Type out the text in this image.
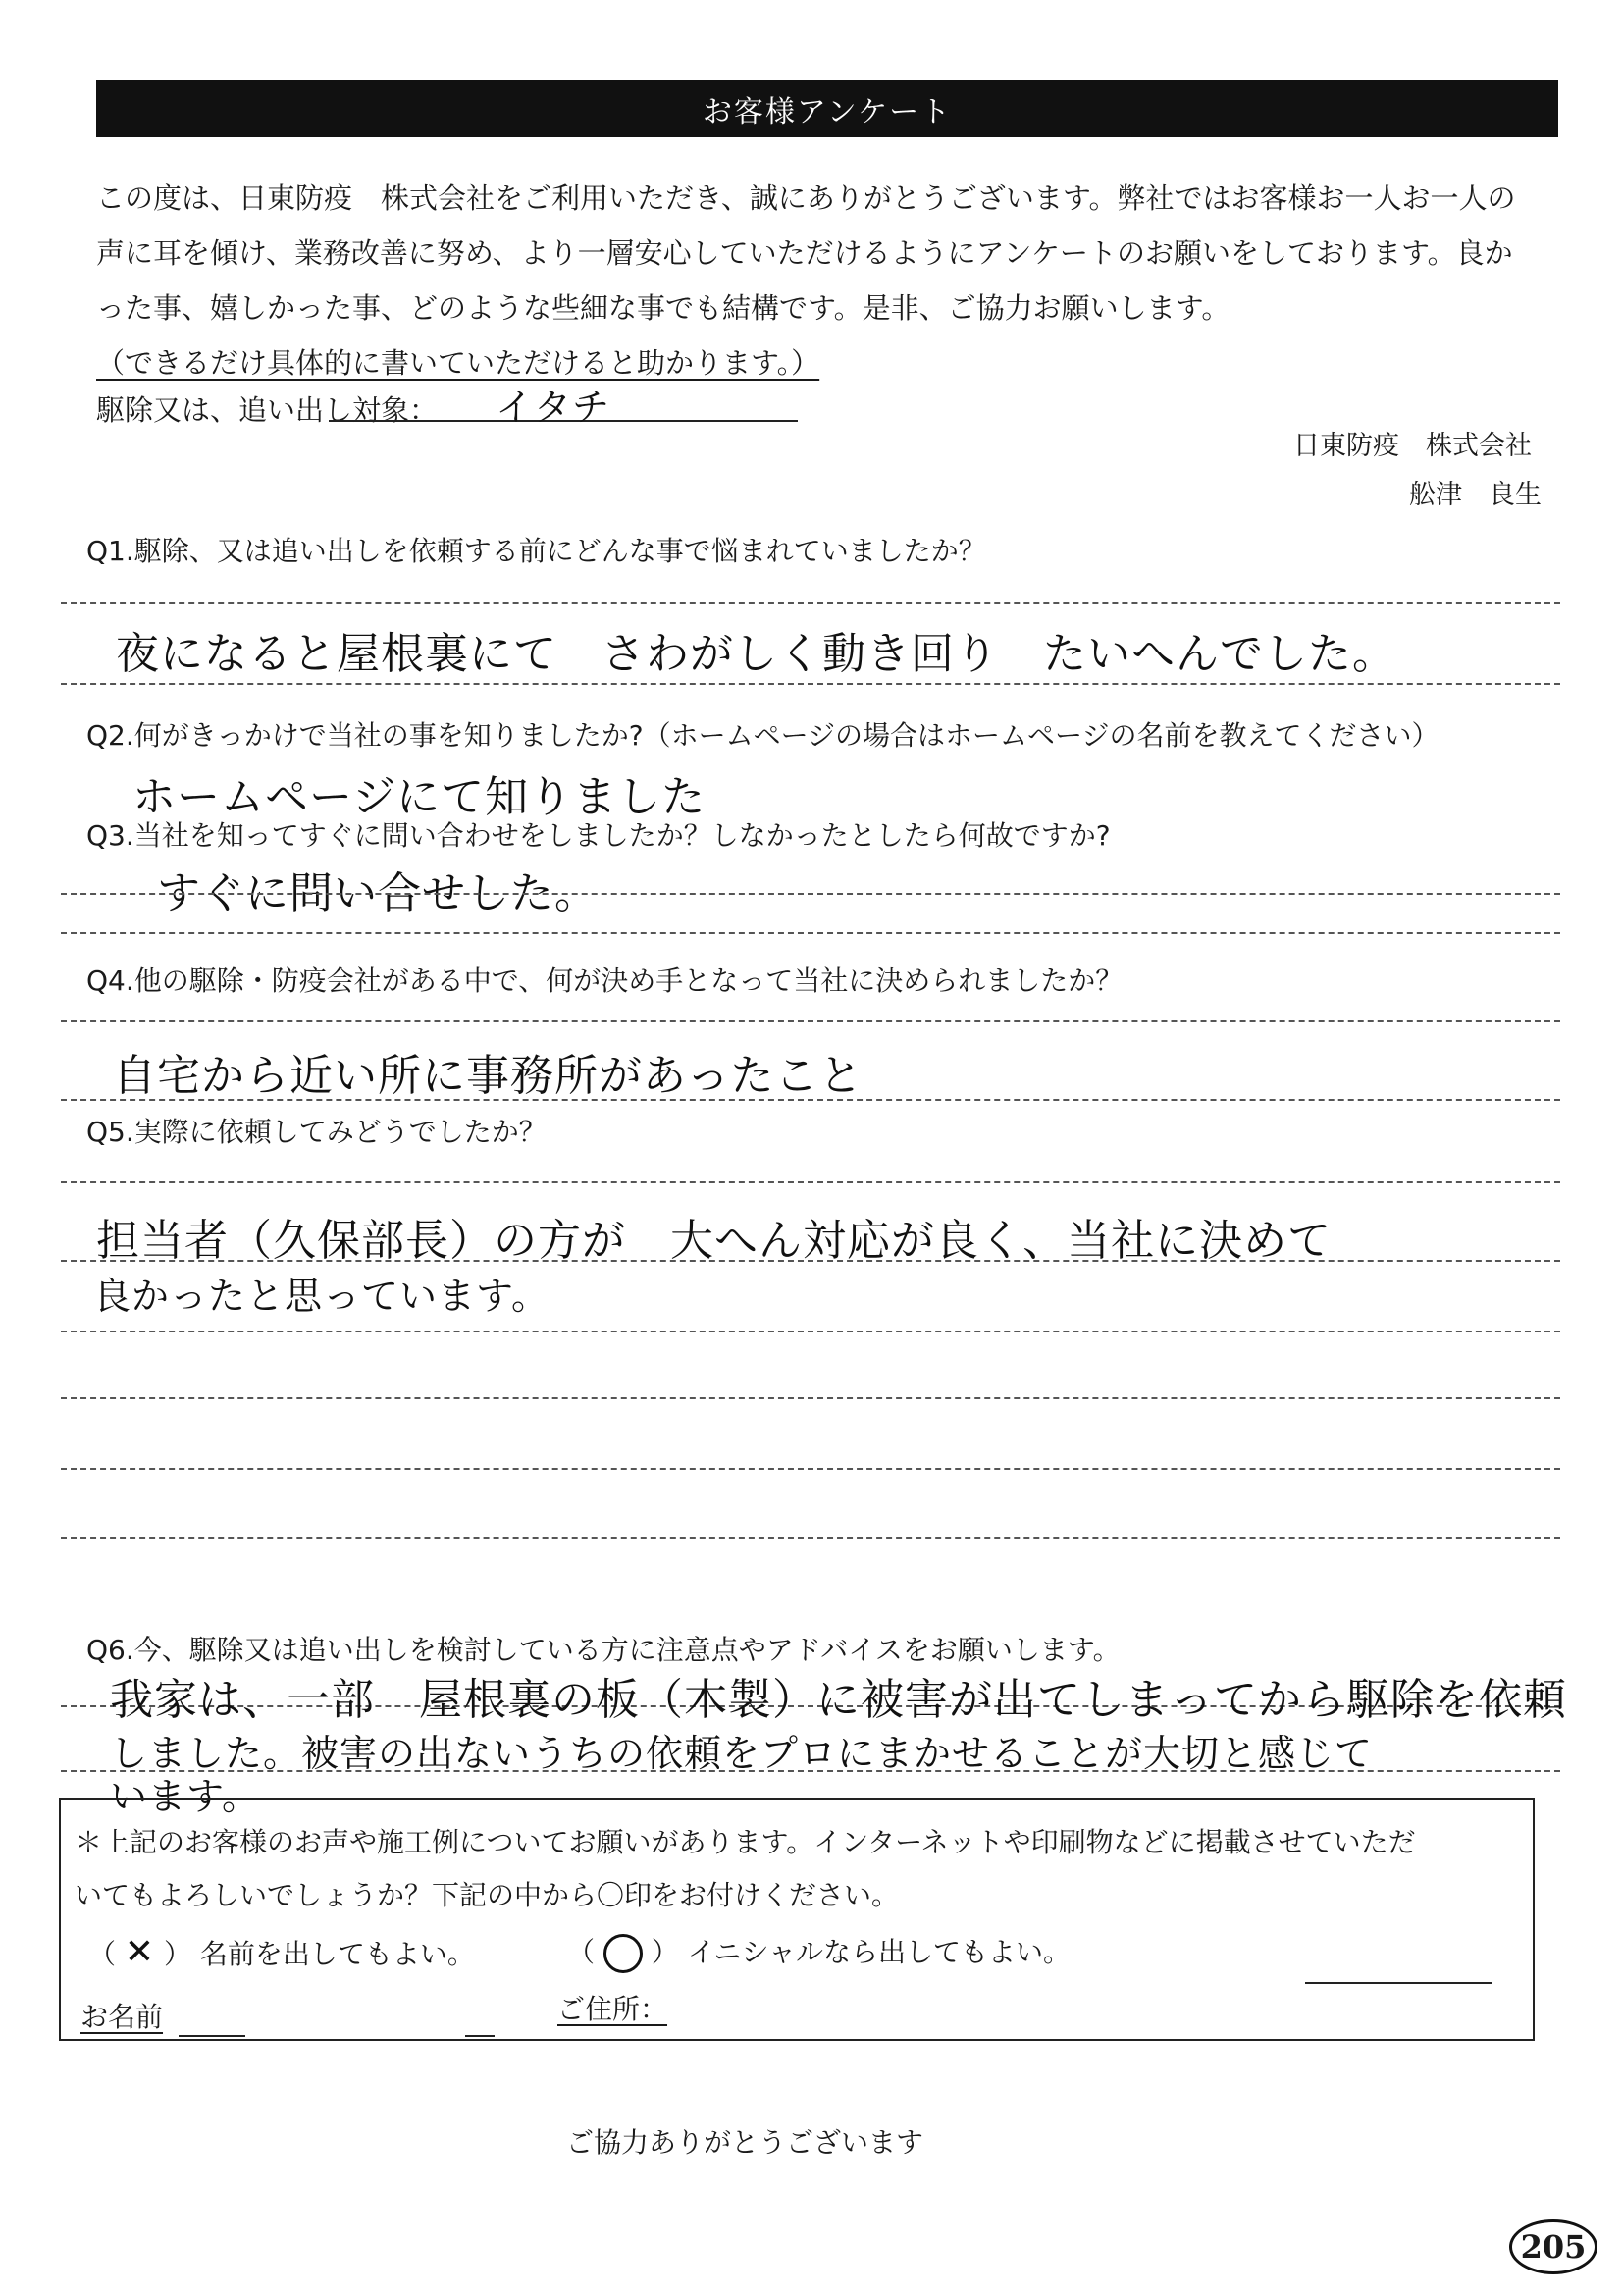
お客様アンケート
この度は、日東防疫　株式会社をご利用いただき、誠にありがとうございます。弊社ではお客様お一人お一人の
声に耳を傾け、業務改善に努め、より一層安心していただけるようにアンケートのお願いをしております。良か
った事、嬉しかった事、どのような些細な事でも結構です。是非、ご協力お願いします。
（できるだけ具体的に書いていただけると助かります。）
駆除又は、追い出し対象：	イタチ
日東防疫　株式会社
舩津　良生
Q1.駆除、又は追い出しを依頼する前にどんな事で悩まれていましたか？
夜になると屋根裏にて　さわがしく動き回り　たいへんでした。
Q2.何がきっかけで当社の事を知りましたか?（ホームページの場合はホームページの名前を教えてください）
ホームページにて知りました
Q3.当社を知ってすぐに問い合わせをしましたか？しなかったとしたら何故ですか?
すぐに問い合せした。
Q4.他の駆除・防疫会社がある中で、何が決め手となって当社に決められましたか？
自宅から近い所に事務所があったこと
Q5.実際に依頼してみどうでしたか？
担当者（久保部長）の方が　大へん対応が良く、当社に決めて
良かったと思っています。
Q6.今、駆除又は追い出しを検討している方に注意点やアドバイスをお願いします。
我家は、一部　屋根裏の板（木製）に被害が出てしまってから駆除を依頼
しました。被害の出ないうちの依頼をプロにまかせることが大切と感じて
います。
＊上記のお客様のお声や施工例についてお願いがあります。インターネットや印刷物などに掲載させていただ
いてもよろしいでしょうか？下記の中から〇印をお付けください。
（ ✕ ） 名前を出してもよい。	（ ○ ） イニシャルなら出してもよい。
お名前	ご住所：
ご協力ありがとうございます
205
